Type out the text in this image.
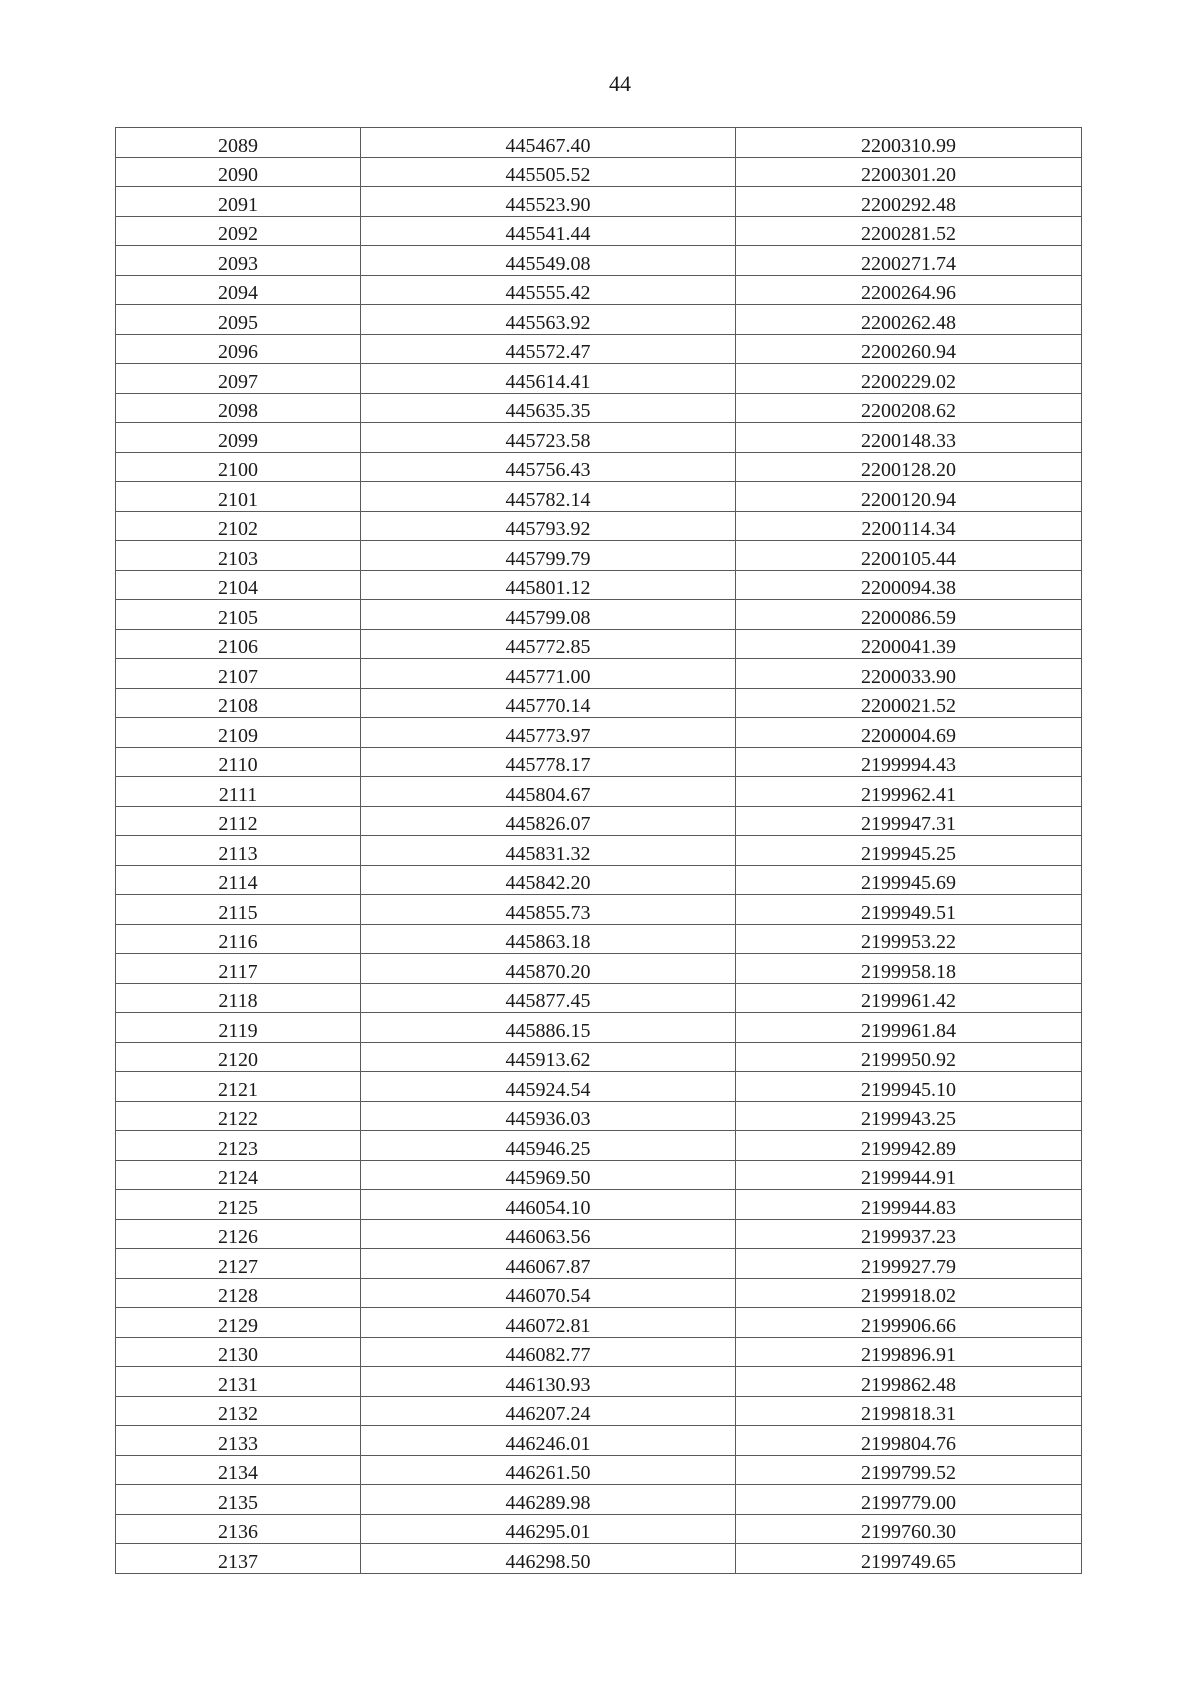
44
2089	445467.40	2200310.99
2090	445505.52	2200301.20
2091	445523.90	2200292.48
2092	445541.44	2200281.52
2093	445549.08	2200271.74
2094	445555.42	2200264.96
2095	445563.92	2200262.48
2096	445572.47	2200260.94
2097	445614.41	2200229.02
2098	445635.35	2200208.62
2099	445723.58	2200148.33
2100	445756.43	2200128.20
2101	445782.14	2200120.94
2102	445793.92	2200114.34
2103	445799.79	2200105.44
2104	445801.12	2200094.38
2105	445799.08	2200086.59
2106	445772.85	2200041.39
2107	445771.00	2200033.90
2108	445770.14	2200021.52
2109	445773.97	2200004.69
2110	445778.17	2199994.43
2111	445804.67	2199962.41
2112	445826.07	2199947.31
2113	445831.32	2199945.25
2114	445842.20	2199945.69
2115	445855.73	2199949.51
2116	445863.18	2199953.22
2117	445870.20	2199958.18
2118	445877.45	2199961.42
2119	445886.15	2199961.84
2120	445913.62	2199950.92
2121	445924.54	2199945.10
2122	445936.03	2199943.25
2123	445946.25	2199942.89
2124	445969.50	2199944.91
2125	446054.10	2199944.83
2126	446063.56	2199937.23
2127	446067.87	2199927.79
2128	446070.54	2199918.02
2129	446072.81	2199906.66
2130	446082.77	2199896.91
2131	446130.93	2199862.48
2132	446207.24	2199818.31
2133	446246.01	2199804.76
2134	446261.50	2199799.52
2135	446289.98	2199779.00
2136	446295.01	2199760.30
2137	446298.50	2199749.65
